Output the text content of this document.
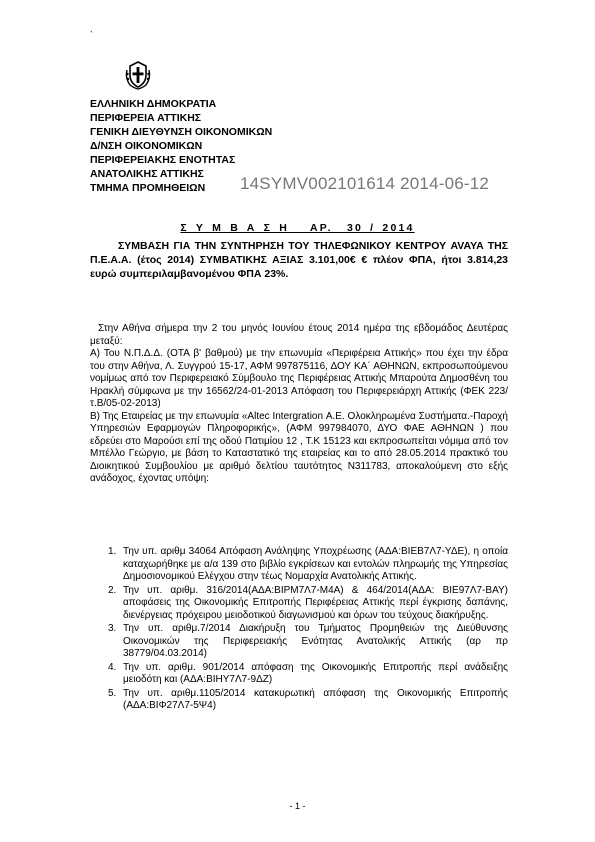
`
ΕΛΛΗΝΙΚΗ ΔΗΜΟΚΡΑΤΙΑ
ΠΕΡΙΦΕΡΕΙΑ ΑΤΤΙΚΗΣ
ΓΕΝΙΚΗ ΔΙΕΥΘΥΝΣΗ ΟΙΚΟΝΟΜΙΚΩΝ
Δ/ΝΣΗ ΟΙΚΟΝΟΜΙΚΩΝ
ΠΕΡΙΦΕΡΕΙΑΚΗΣ ΕΝΟΤΗΤΑΣ
ΑΝΑΤΟΛΙΚΗΣ ΑΤΤΙΚΗΣ
ΤΜΗΜΑ ΠΡΟΜΗΘΕΙΩΝ	14SYMV002101614 2014-06-12
Σ Υ Μ Β Α Σ Η   ΑΡ.  30 / 2014

ΣΥΜΒΑΣΗ ΓΙΑ ΤΗΝ ΣΥΝΤΗΡΗΣΗ ΤΟΥ ΤΗΛΕΦΩΝΙΚΟΥ ΚΕΝΤΡΟΥ AVAYA ΤΗΣ Π.Ε.Α.Α. (έτος 2014) ΣΥΜΒΑΤΙΚΗΣ ΑΞΙΑΣ 3.101,00€ € πλέον ΦΠΑ, ήτοι 3.814,23 ευρώ συμπεριλαμβανομένου ΦΠΑ 23%.

Στην Αθήνα σήμερα την 2 του μηνός Ιουνίου έτους 2014 ημέρα της εβδομάδος Δευτέρας μεταξύ:

Α) Του Ν.Π.Δ.Δ. (ΟΤΑ β' βαθμού) με την επωνυμία «Περιφέρεια Αττικής» που έχει την έδρα του στην Αθήνα, Λ. Συγγρού 15-17, ΑΦΜ 997875116, ΔΟΥ ΚΑ΄ ΑΘΗΝΩΝ, εκπροσωπούμενου νομίμως από τον Περιφερειακό Σύμβουλο της Περιφέρειας Αττικής Μπαρούτα Δημοσθένη του Ηρακλή σύμφωνα με την 16562/24-01-2013 Απόφαση του Περιφερειάρχη Αττικής (ΦΕΚ 223/τ.Β/05-02-2013)

Β) Της Εταιρείας με την επωνυμία «Altec Intergration Α.Ε. Ολοκληρωμένα Συστήματα.-Παροχή Υπηρεσιών Εφαρμογών Πληροφορικής», (ΑΦΜ 997984070, ΔΥΟ ΦΑΕ ΑΘΗΝΩΝ ) που εδρεύει στο Μαρούσι επί της οδού Πατιμίου 12 , Τ.Κ 15123 και εκπροσωπείται νόμιμα από τον Μπέλλο Γεώργιο, με βάση το Καταστατικό της εταιρείας και το από 28.05.2014 πρακτικό του Διοικητικού Συμβουλίου με αριθμό δελτίου ταυτότητος Ν311783, αποκαλούμενη στο εξής ανάδοχος, έχοντας υπόψη:

1. Την υπ. αριθμ 34064 Απόφαση Ανάληψης Υποχρέωσης (ΑΔΑ:ΒΙΕΒ7Λ7-ΥΔΕ), η οποία καταχωρήθηκε με α/α 139 στο βιβλίο εγκρίσεων και εντολών πληρωμής της Υπηρεσίας Δημοσιονομικού Ελέγχου στην τέως Νομαρχία Ανατολικής Αττικής.
2. Την υπ. αριθμ. 316/2014(ΑΔΑ:ΒΙΡΜ7Λ7-Μ4Α) & 464/2014(ΑΔΑ: ΒΙΕ97Λ7-ΒΑΥ) αποφάσεις της Οικονομικής Επιτροπής Περιφέρειας Αττικής περί έγκρισης δαπάνης, διενέργειας πρόχειρου μειοδοτικού διαγωνισμού και όρων του τεύχους διακήρυξης.
3. Την υπ. αριθμ.7/2014 Διακήρυξη του Τμήματος Προμηθειών της Διεύθυνσης Οικονομικών της Περιφερειακής Ενότητας Ανατολικής Αττικής (αρ πρ 38779/04.03.2014)
4. Την υπ. αριθμ. 901/2014 απόφαση της Οικονομικής Επιτροπής περί ανάδειξης μειοδότη και (ΑΔΑ:ΒΙΗΥ7Λ7-9ΔΖ)
5. Την υπ. αριθμ.1105/2014 κατακυρωτική απόφαση της Οικονομικής Επιτροπής (ΑΔΑ:ΒΙΦ27Λ7-5Ψ4)
- 1 -
